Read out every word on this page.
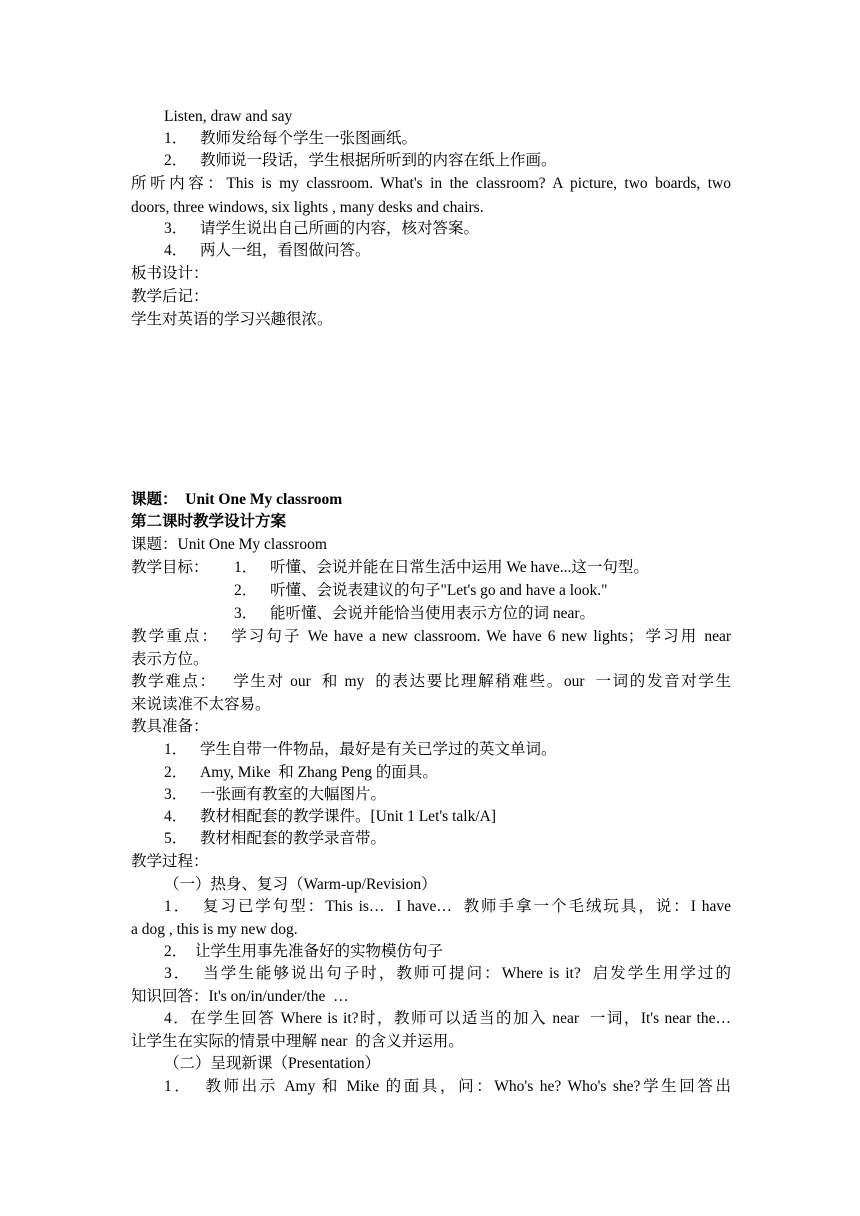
Listen, draw and say
1． 教师发给每个学生一张图画纸。
2． 教师说一段话，学生根据所听到的内容在纸上作画。
所听内容：This is my classroom. What's in the classroom? A picture, two boards, two
doors, three windows, six lights , many desks and chairs.
3． 请学生说出自己所画的内容，核对答案。
4． 两人一组，看图做问答。
板书设计：
教学后记：
学生对英语的学习兴趣很浓。
课题：  Unit One My classroom
第二课时教学设计方案
课题：Unit One My classroom
教学目标： 1． 听懂、会说并能在日常生活中运用 We have...这一句型。
2． 听懂、会说表建议的句子"Let's go and have a look."
3． 能听懂、会说并能恰当使用表示方位的词 near。
教学重点：  学习句子 We have a new classroom. We have 6 new lights；学习用 near
表示方位。
教学难点：   学生对 our  和 my  的表达要比理解稍难些。our  一词的发音对学生
来说读准不太容易。
教具准备：
1． 学生自带一件物品，最好是有关已学过的英文单词。
2． Amy, Mike  和 Zhang Peng 的面具。
3． 一张画有教室的大幅图片。
4． 教材相配套的教学课件。[Unit 1 Let's talk/A]
5． 教材相配套的教学录音带。
教学过程：
（一）热身、复习（Warm-up/Revision）
1．  复习已学句型：This is…  I have…  教师手拿一个毛绒玩具，说：I have
a dog , this is my new dog.
2．  让学生用事先准备好的实物模仿句子
3．  当学生能够说出句子时，教师可提问：Where is it?  启发学生用学过的
知识回答：It's on/in/under/the  …
4．在学生回答 Where is it?时，教师可以适当的加入 near  一词，It's near the…
让学生在实际的情景中理解 near  的含义并运用。
（二）呈现新课（Presentation）
1．  教师出示 Amy 和 Mike 的面具，问：Who's he? Who's she?学生回答出
